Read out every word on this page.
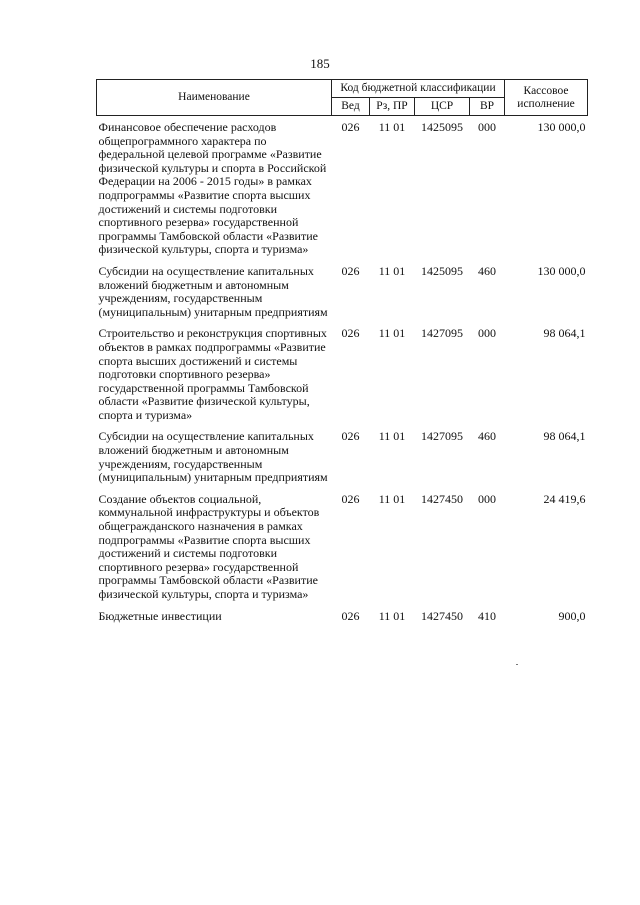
185
Наименование	Код бюджетной классификации				Кассовое исполнение
	Вед	Рз, ПР	ЦСР	ВР	
Финансовое обеспечение расходов общепрограммного характера по федеральной целевой программе «Развитие физической культуры и спорта в Российской Федерации на 2006 - 2015 годы» в рамках подпрограммы «Развитие спорта высших достижений и системы подготовки спортивного резерва» государственной программы Тамбовской области «Развитие физической культуры, спорта и туризма»	026	11 01	1425095	000	130 000,0
Субсидии на осуществление капитальных вложений бюджетным и автономным учреждениям, государственным (муниципальным) унитарным предприятиям	026	11 01	1425095	460	130 000,0
Строительство и реконструкция спортивных объектов в рамках подпрограммы «Развитие спорта высших достижений и системы подготовки спортивного резерва» государственной программы Тамбовской области «Развитие физической культуры, спорта и туризма»	026	11 01	1427095	000	98 064,1
Субсидии на осуществление капитальных вложений бюджетным и автономным учреждениям, государственным (муниципальным) унитарным предприятиям	026	11 01	1427095	460	98 064,1
Создание объектов социальной, коммунальной инфраструктуры и объектов общегражданского назначения в рамках подпрограммы «Развитие спорта высших достижений и системы подготовки спортивного резерва» государственной программы Тамбовской области «Развитие физической культуры, спорта и туризма»	026	11 01	1427450	000	24 419,6
Бюджетные инвестиции	026	11 01	1427450	410	900,0
